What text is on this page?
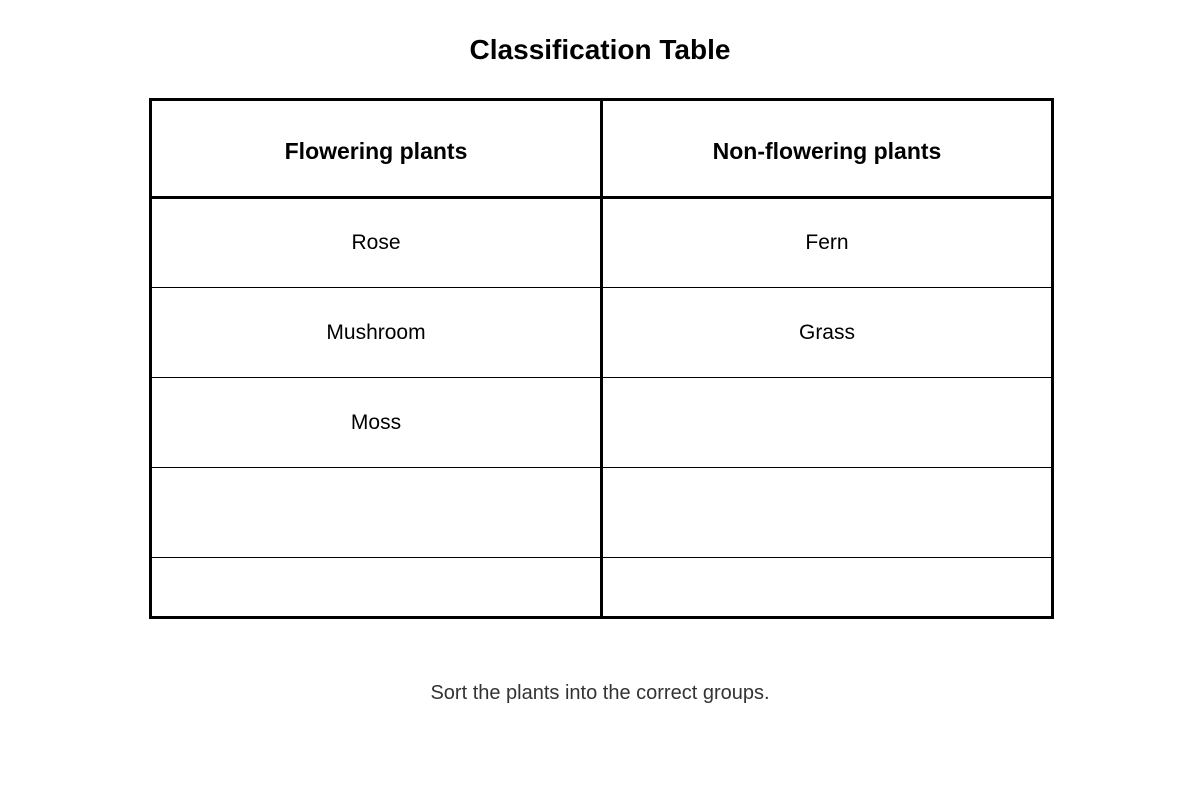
Classification Table
Flowering plants	Non-flowering plants
Rose	Fern
Mushroom	Grass
Moss	

Sort the plants into the correct groups.
